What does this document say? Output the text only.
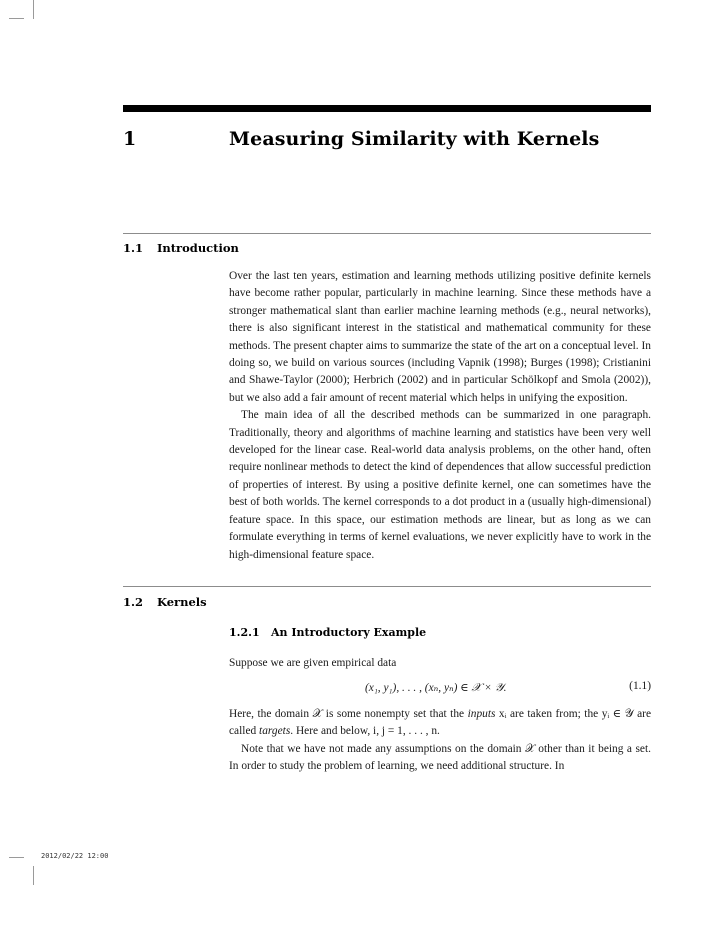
1	Measuring Similarity with Kernels
1.1 Introduction

Over the last ten years, estimation and learning methods utilizing positive definite kernels have become rather popular, particularly in machine learning. Since these methods have a stronger mathematical slant than earlier machine learning methods (e.g., neural networks), there is also significant interest in the statistical and mathematical community for these methods. The present chapter aims to summarize the state of the art on a conceptual level. In doing so, we build on various sources (including Vapnik (1998); Burges (1998); Cristianini and Shawe-Taylor (2000); Herbrich (2002) and in particular Schölkopf and Smola (2002)), but we also add a fair amount of recent material which helps in unifying the exposition.

The main idea of all the described methods can be summarized in one paragraph. Traditionally, theory and algorithms of machine learning and statistics have been very well developed for the linear case. Real-world data analysis problems, on the other hand, often require nonlinear methods to detect the kind of dependences that allow successful prediction of properties of interest. By using a positive definite kernel, one can sometimes have the best of both worlds. The kernel corresponds to a dot product in a (usually high-dimensional) feature space. In this space, our estimation methods are linear, but as long as we can formulate everything in terms of kernel evaluations, we never explicitly have to work in the high-dimensional feature space.

1.2 Kernels
1.2.1 An Introductory Example

Suppose we are given empirical data

(x₁, y₁), . . . , (xₙ, yₙ) ∈ 𝒳 × 𝒴.	(1.1)

Here, the domain 𝒳 is some nonempty set that the inputs xᵢ are taken from; the yᵢ ∈ 𝒴 are called targets. Here and below, i, j = 1, . . . , n.

Note that we have not made any assumptions on the domain 𝒳 other than it being a set. In order to study the problem of learning, we need additional structure. In

2012/02/22 12:00
